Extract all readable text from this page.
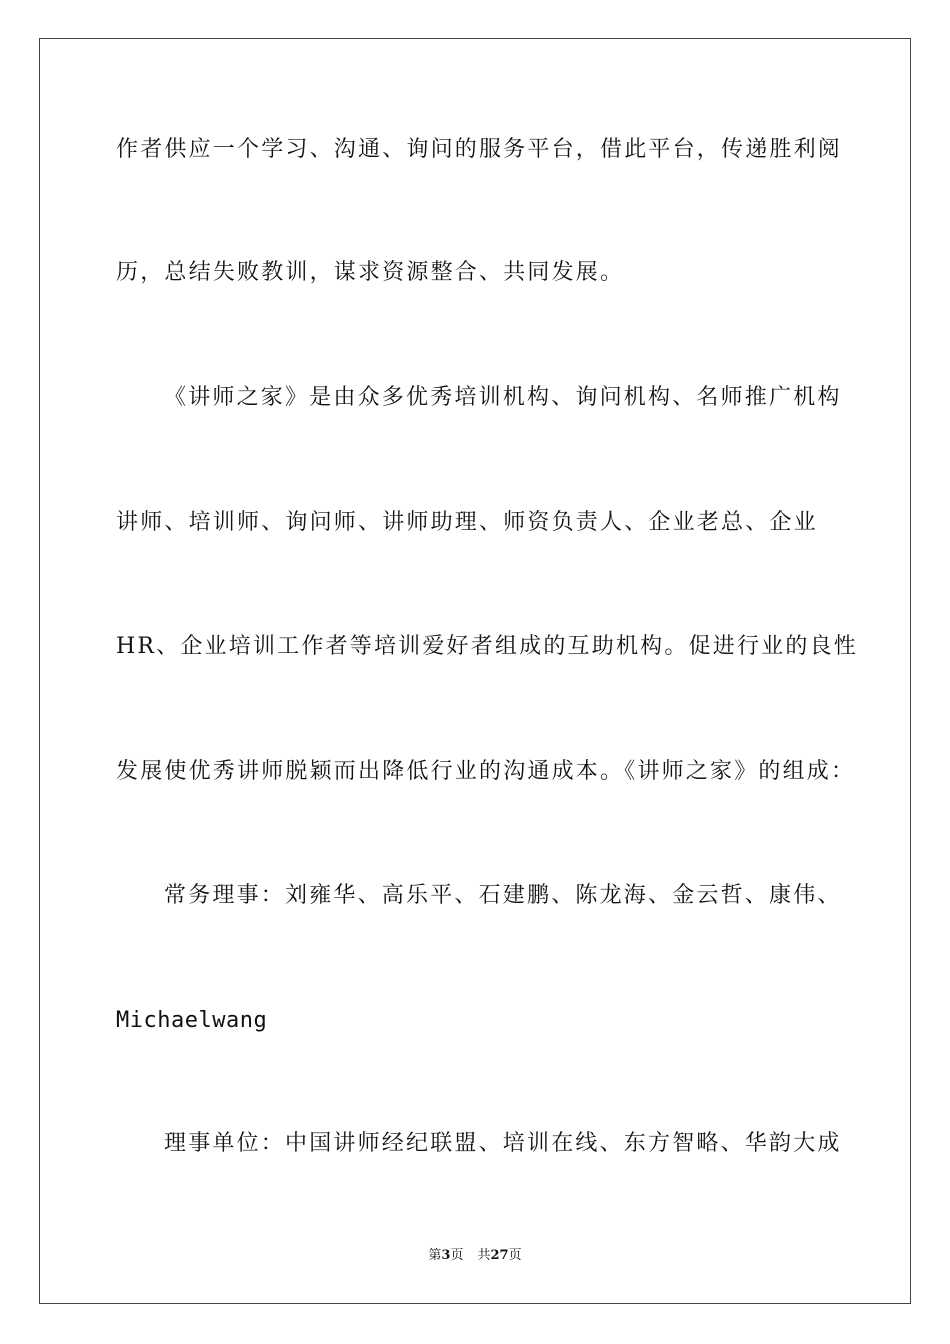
作者供应一个学习、沟通、询问的服务平台，借此平台，传递胜利阅
历，总结失败教训，谋求资源整合、共同发展。
《讲师之家》是由众多优秀培训机构、询问机构、名师推广机构
讲师、培训师、询问师、讲师助理、师资负责人、企业老总、企业
HR、企业培训工作者等培训爱好者组成的互助机构。促进行业的良性
发展使优秀讲师脱颖而出降低行业的沟通成本。《讲师之家》的组成：
常务理事：刘雍华、高乐平、石建鹏、陈龙海、金云哲、康伟、
Michaelwang
理事单位：中国讲师经纪联盟、培训在线、东方智略、华韵大成
第3页 共27页
